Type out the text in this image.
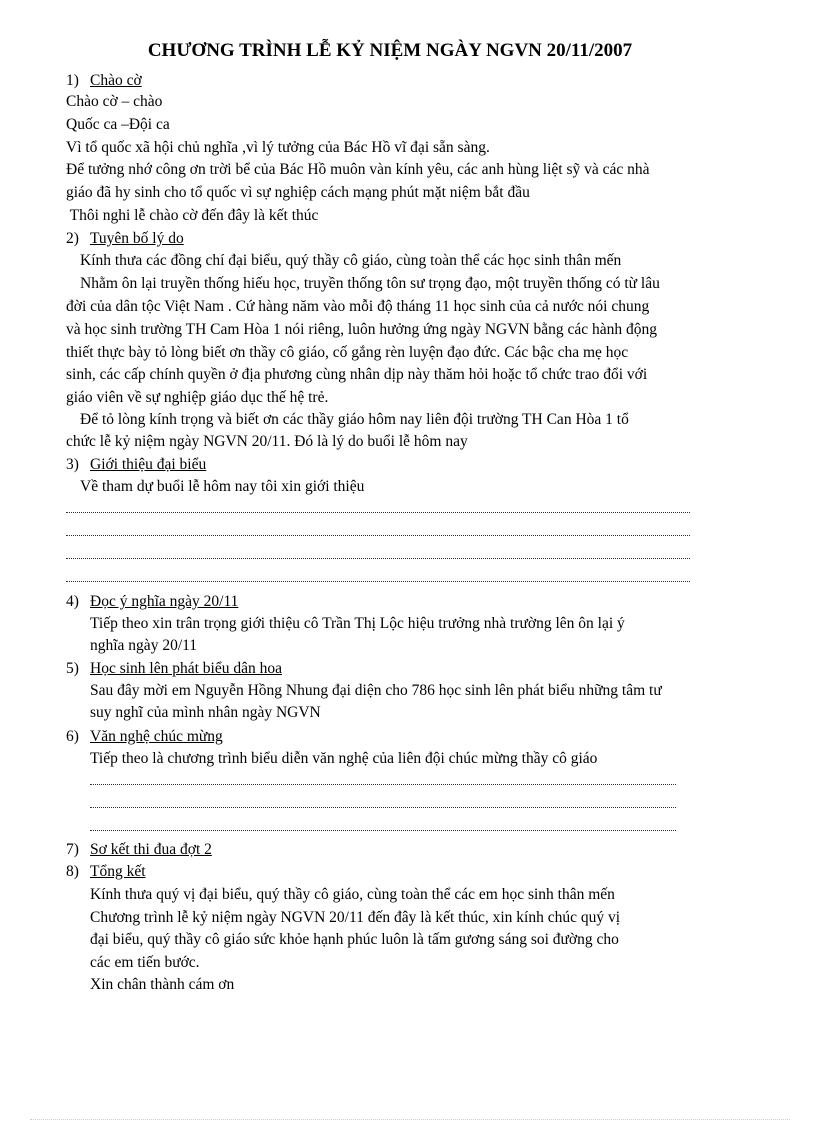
CHƯƠNG TRÌNH LỄ KỶ NIỆM NGÀY NGVN 20/11/2007
1) Chào cờ
Chào cờ – chào
Quốc ca –Đội ca
Vì tổ quốc xã hội chủ nghĩa ,vì lý tưởng của Bác Hồ vĩ đại sẵn sàng.
Để tưởng nhớ công ơn trời bể của Bác Hồ muôn vàn kính yêu, các anh hùng liệt sỹ và các nhà
giáo đã hy sinh cho tổ quốc vì sự nghiệp cách mạng phút mặt niệm bắt đầu
Thôi nghi lễ chào cờ đến đây là kết thúc
2) Tuyên bố lý do
Kính thưa các đồng chí đại biểu, quý thầy cô giáo, cùng toàn thể các học sinh thân mến
Nhằm ôn lại truyền thống hiếu học, truyền thống tôn sư trọng đạo, một truyền thống có từ lâu
đời của dân tộc Việt Nam . Cứ hàng năm vào mỗi độ tháng 11 học sinh của cả nước nói chung
và học sinh trường TH Cam Hòa 1 nói riêng, luôn hưởng ứng ngày NGVN bằng các hành động
thiết thực bày tỏ lòng biết ơn thầy cô giáo, cố gắng rèn luyện đạo đức. Các bậc cha mẹ học
sinh, các cấp chính quyền ở địa phương cùng nhân dịp này thăm hỏi hoặc tổ chức trao đổi với
giáo viên về sự nghiệp giáo dục thế hệ trẻ.
Để tỏ lòng kính trọng và biết ơn các thầy giáo hôm nay liên đội trường TH Can Hòa 1 tổ
chức lễ kỷ niệm ngày NGVN 20/11. Đó là lý do buổi lễ hôm nay
3) Giới thiệu đại biểu
Về tham dự buổi lễ hôm nay tôi xin giới thiệu
4) Đọc ý nghĩa ngày 20/11
Tiếp theo xin trân trọng giới thiệu cô Trần Thị Lộc hiệu trưởng nhà trường lên ôn lại ý
nghĩa ngày 20/11
5) Học sinh lên phát biểu dân hoa
Sau đây mời em Nguyễn Hồng Nhung đại diện cho 786 học sinh lên phát biểu những tâm tư
suy nghĩ của mình nhân ngày NGVN
6) Văn nghệ chúc mừng
Tiếp theo là chương trình biểu diễn văn nghệ của liên đội chúc mừng thầy cô giáo
7) Sơ kết thi đua đợt 2
8) Tổng kết
Kính thưa quý vị đại biểu, quý thầy cô giáo, cùng toàn thể các em học sinh thân mến
Chương trình lễ kỷ niệm ngày NGVN 20/11 đến đây là kết thúc, xin kính chúc quý vị
đại biểu, quý thầy cô giáo sức khỏe hạnh phúc luôn là tấm gương sáng soi đường cho
các em tiến bước.
Xin chân thành cám ơn
